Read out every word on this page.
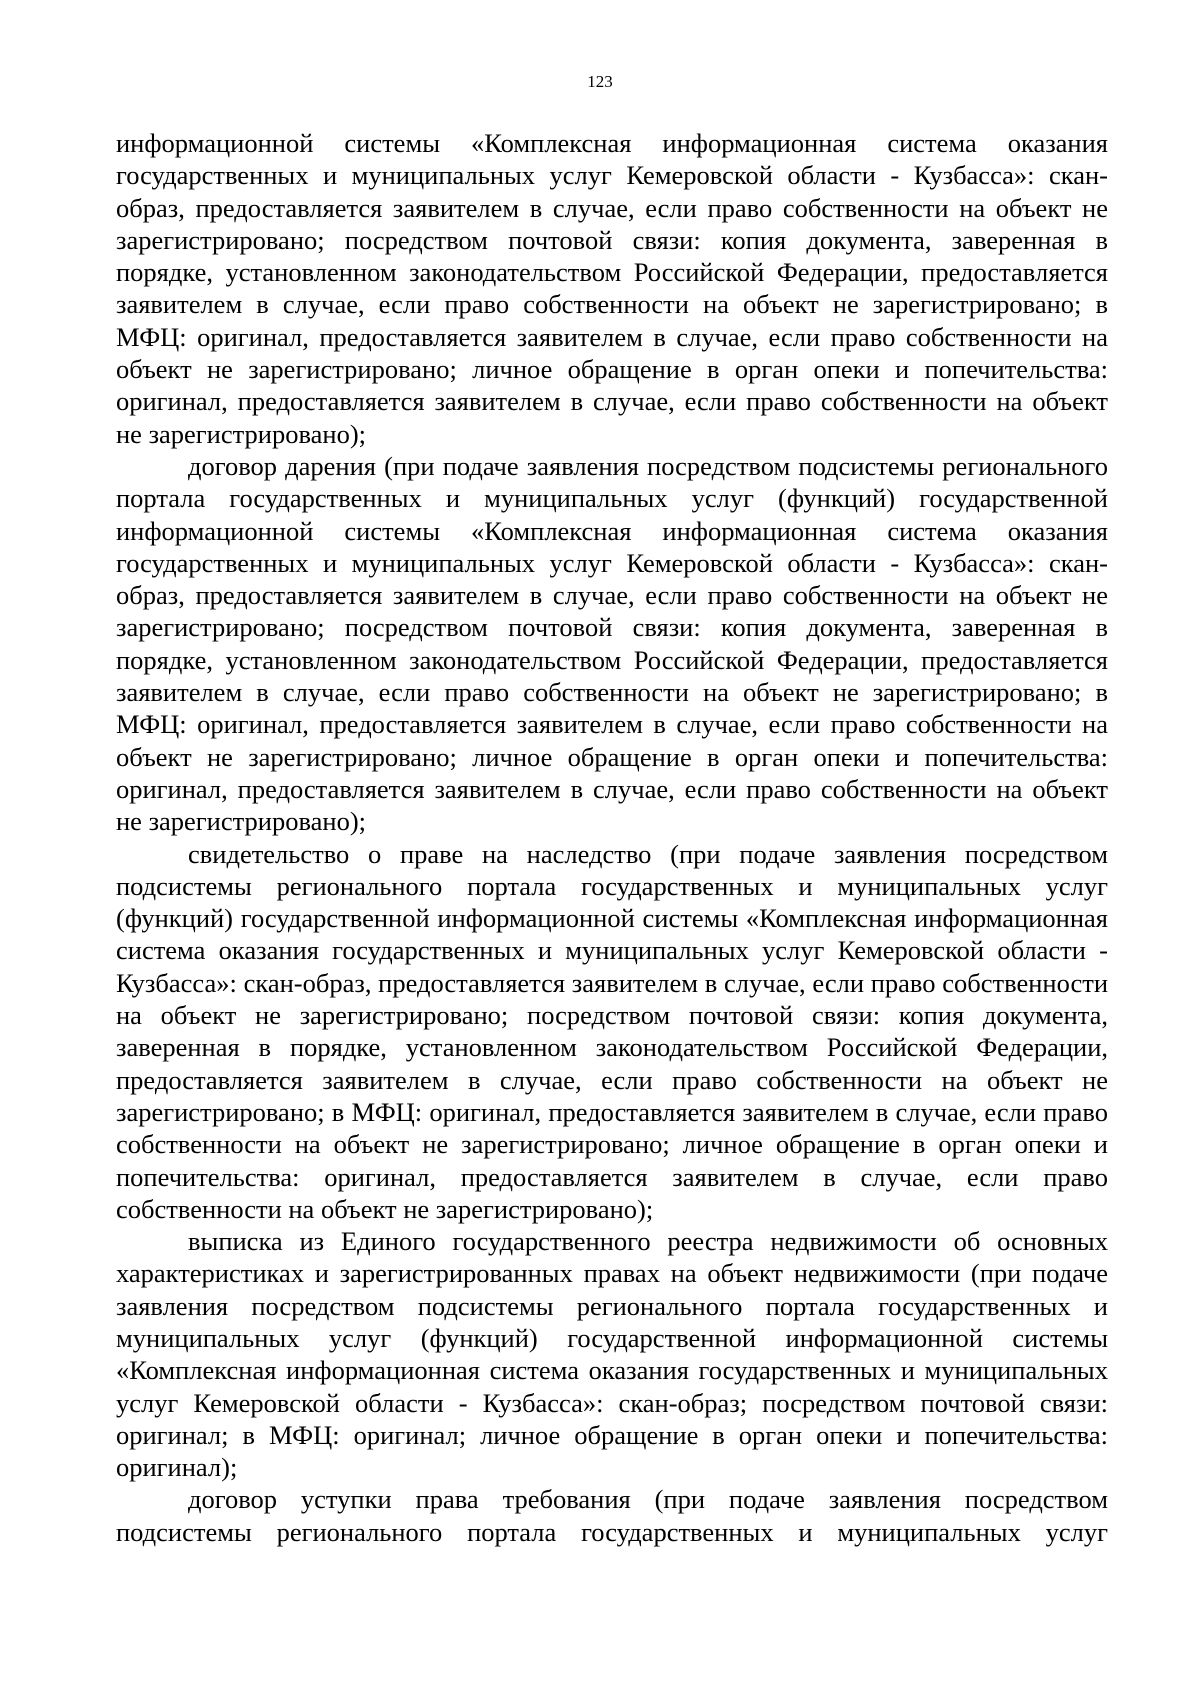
123

информационной системы «Комплексная информационная система оказания государственных и муниципальных услуг Кемеровской области - Кузбасса»: скан-образ, предоставляется заявителем в случае, если право собственности на объект не зарегистрировано; посредством почтовой связи: копия документа, заверенная в порядке, установленном законодательством Российской Федерации, предоставляется заявителем в случае, если право собственности на объект не зарегистрировано; в МФЦ: оригинал, предоставляется заявителем в случае, если право собственности на объект не зарегистрировано; личное обращение в орган опеки и попечительства: оригинал, предоставляется заявителем в случае, если право собственности на объект не зарегистрировано);

договор дарения (при подаче заявления посредством подсистемы регионального портала государственных и муниципальных услуг (функций) государственной информационной системы «Комплексная информационная система оказания государственных и муниципальных услуг Кемеровской области - Кузбасса»: скан-образ, предоставляется заявителем в случае, если право собственности на объект не зарегистрировано; посредством почтовой связи: копия документа, заверенная в порядке, установленном законодательством Российской Федерации, предоставляется заявителем в случае, если право собственности на объект не зарегистрировано; в МФЦ: оригинал, предоставляется заявителем в случае, если право собственности на объект не зарегистрировано; личное обращение в орган опеки и попечительства: оригинал, предоставляется заявителем в случае, если право собственности на объект не зарегистрировано);

свидетельство о праве на наследство (при подаче заявления посредством подсистемы регионального портала государственных и муниципальных услуг (функций) государственной информационной системы «Комплексная информационная система оказания государственных и муниципальных услуг Кемеровской области - Кузбасса»: скан-образ, предоставляется заявителем в случае, если право собственности на объект не зарегистрировано; посредством почтовой связи: копия документа, заверенная в порядке, установленном законодательством Российской Федерации, предоставляется заявителем в случае, если право собственности на объект не зарегистрировано; в МФЦ: оригинал, предоставляется заявителем в случае, если право собственности на объект не зарегистрировано; личное обращение в орган опеки и попечительства: оригинал, предоставляется заявителем в случае, если право собственности на объект не зарегистрировано);

выписка из Единого государственного реестра недвижимости об основных характеристиках и зарегистрированных правах на объект недвижимости (при подаче заявления посредством подсистемы регионального портала государственных и муниципальных услуг (функций) государственной информационной системы «Комплексная информационная система оказания государственных и муниципальных услуг Кемеровской области - Кузбасса»: скан-образ; посредством почтовой связи: оригинал; в МФЦ: оригинал; личное обращение в орган опеки и попечительства: оригинал);

договор уступки права требования (при подаче заявления посредством подсистемы регионального портала государственных и муниципальных услуг
